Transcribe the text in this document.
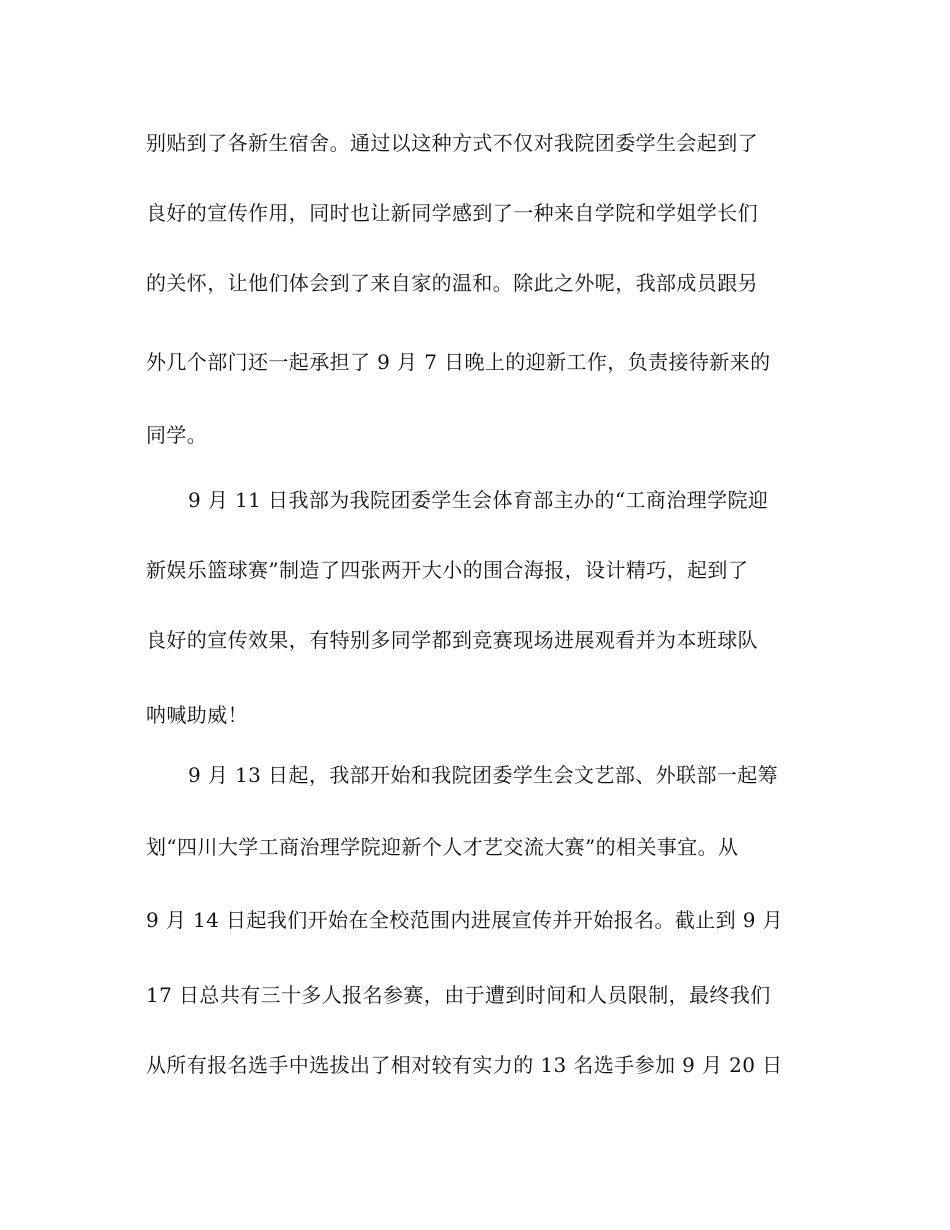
别贴到了各新生宿舍。通过以这种方式不仅对我院团委学生会起到了
良好的宣传作用，同时也让新同学感到了一种来自学院和学姐学长们
的关怀，让他们体会到了来自家的温和。除此之外呢，我部成员跟另
外几个部门还一起承担了 9 月 7 日晚上的迎新工作，负责接待新来的
同学。
9 月 11 日我部为我院团委学生会体育部主办的“工商治理学院迎
新娱乐篮球赛”制造了四张两开大小的围合海报，设计精巧，起到了
良好的宣传效果，有特别多同学都到竞赛现场进展观看并为本班球队
呐喊助威！
9 月 13 日起，我部开始和我院团委学生会文艺部、外联部一起筹
划“四川大学工商治理学院迎新个人才艺交流大赛”的相关事宜。从
9 月 14 日起我们开始在全校范围内进展宣传并开始报名。截止到 9 月
17 日总共有三十多人报名参赛，由于遭到时间和人员限制，最终我们
从所有报名选手中选拔出了相对较有实力的 13 名选手参加 9 月 20 日
